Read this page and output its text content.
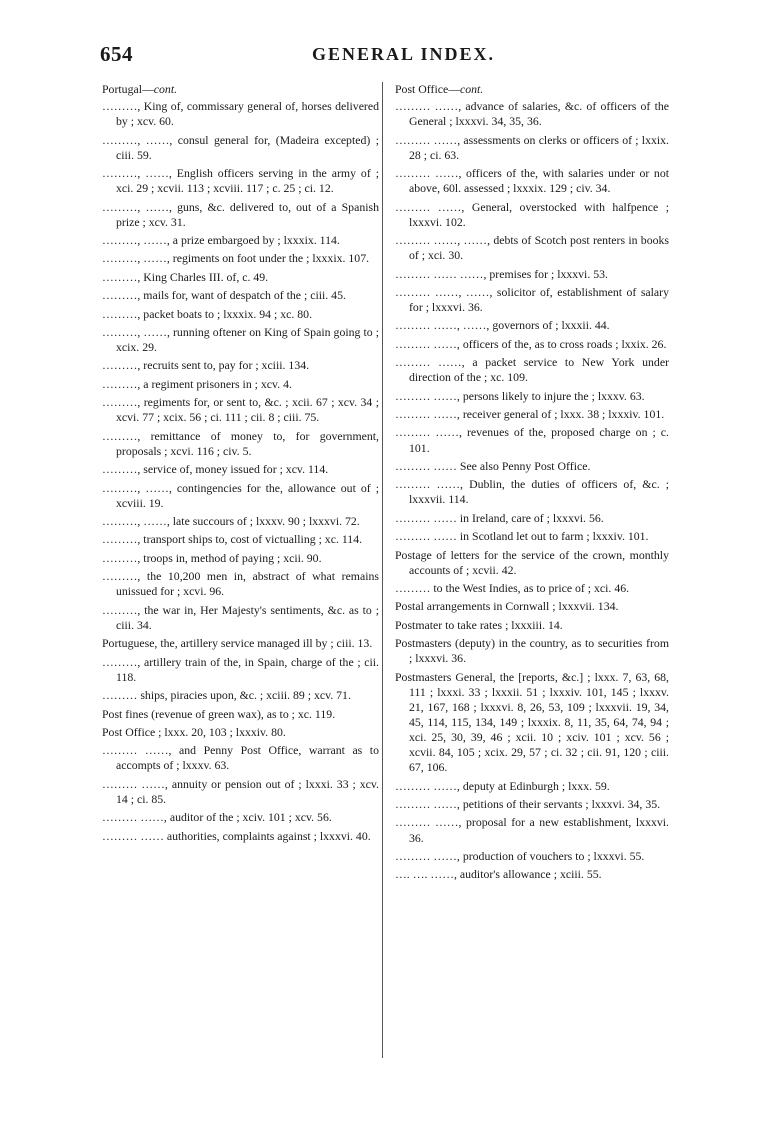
654	GENERAL INDEX.
Portugal—cont.
………, King of, commissary general of, horses delivered by ; xcv. 60.
………, ……, consul general for, (Madeira excepted) ; ciii. 59.
………, ……, English officers serving in the army of ; xci. 29 ; xcvii. 113 ; xcviii. 117 ; c. 25 ; ci. 12.
………, ……, guns, &c. delivered to, out of a Spanish prize ; xcv. 31.
………, ……, a prize embargoed by ; lxxxix. 114.
………, ……, regiments on foot under the ; lxxxix. 107.
………, King Charles III. of, c. 49.
………, mails for, want of despatch of the ; ciii. 45.
………, packet boats to ; lxxxix. 94 ; xc. 80.
………, ……, running oftener on King of Spain going to ; xcix. 29.
………, recruits sent to, pay for ; xciii. 134.
………, a regiment prisoners in ; xcv. 4.
………, regiments for, or sent to, &c. ; xcii. 67 ; xcv. 34 ; xcvi. 77 ; xcix. 56 ; ci. 111 ; cii. 8 ; ciii. 75.
………, remittance of money to, for government, proposals ; xcvi. 116 ; civ. 5.
………, service of, money issued for ; xcv. 114.
………, ……, contingencies for the, allowance out of ; xcviii. 19.
………, ……, late succours of ; lxxxv. 90 ; lxxxvi. 72.
………, transport ships to, cost of victualling ; xc. 114.
………, troops in, method of paying ; xcii. 90.
………, the 10,200 men in, abstract of what remains unissued for ; xcvi. 96.
………, the war in, Her Majesty's sentiments, &c. as to ; ciii. 34.
Portuguese, the, artillery service managed ill by ; ciii. 13.
………, artillery train of the, in Spain, charge of the ; cii. 118.
……… ships, piracies upon, &c. ; xciii. 89 ; xcv. 71.
Post fines (revenue of green wax), as to ; xc. 119.
Post Office ; lxxx. 20, 103 ; lxxxiv. 80.
……… ……, and Penny Post Office, warrant as to accompts of ; lxxxv. 63.
……… ……, annuity or pension out of ; lxxxi. 33 ; xcv. 14 ; ci. 85.
……… ……, auditor of the ; xciv. 101 ; xcv. 56.
……… …… authorities, complaints against ; lxxxvi. 40.
Post Office—cont.
……… ……, advance of salaries, &c. of officers of the General ; lxxxvi. 34, 35, 36.
……… ……, assessments on clerks or officers of ; lxxix. 28 ; ci. 63.
……… ……, officers of the, with salaries under or not above, 60l. assessed ; lxxxix. 129 ; civ. 34.
……… ……, General, overstocked with halfpence ; lxxxvi. 102.
……… ……, ……, debts of Scotch post renters in books of ; xci. 30.
……… …… ……, premises for ; lxxxvi. 53.
……… ……, ……, solicitor of, establishment of salary for ; lxxxvi. 36.
……… ……, ……, governors of ; lxxxii. 44.
……… ……, officers of the, as to cross roads ; lxxix. 26.
……… ……, a packet service to New York under direction of the ; xc. 109.
……… ……, persons likely to injure the ; lxxxv. 63.
……… ……, receiver general of ; lxxx. 38 ; lxxxiv. 101.
……… ……, revenues of the, proposed charge on ; c. 101.
……… …… See also Penny Post Office.
……… ……, Dublin, the duties of officers of, &c. ; lxxxvii. 114.
……… …… in Ireland, care of ; lxxxvi. 56.
……… …… in Scotland let out to farm ; lxxxiv. 101.
Postage of letters for the service of the crown, monthly accounts of ; xcvii. 42.
……… to the West Indies, as to price of ; xci. 46.
Postal arrangements in Cornwall ; lxxxvii. 134.
Postmater to take rates ; lxxxiii. 14.
Postmasters (deputy) in the country, as to securities from ; lxxxvi. 36.
Postmasters General, the [reports, &c.] ; lxxx. 7, 63, 68, 111 ; lxxxi. 33 ; lxxxii. 51 ; lxxxiv. 101, 145 ; lxxxv. 21, 167, 168 ; lxxxvi. 8, 26, 53, 109 ; lxxxvii. 19, 34, 45, 114, 115, 134, 149 ; lxxxix. 8, 11, 35, 64, 74, 94 ; xci. 25, 30, 39, 46 ; xcii. 10 ; xciv. 101 ; xcv. 56 ; xcvii. 84, 105 ; xcix. 29, 57 ; ci. 32 ; cii. 91, 120 ; ciii. 67, 106.
……… ……, deputy at Edinburgh ; lxxx. 59.
……… ……, petitions of their servants ; lxxxvi. 34, 35.
……… ……, proposal for a new establishment, lxxxvi. 36.
……… ……, production of vouchers to ; lxxxvi. 55.
…. …. ……, auditor's allowance ; xciii. 55.
